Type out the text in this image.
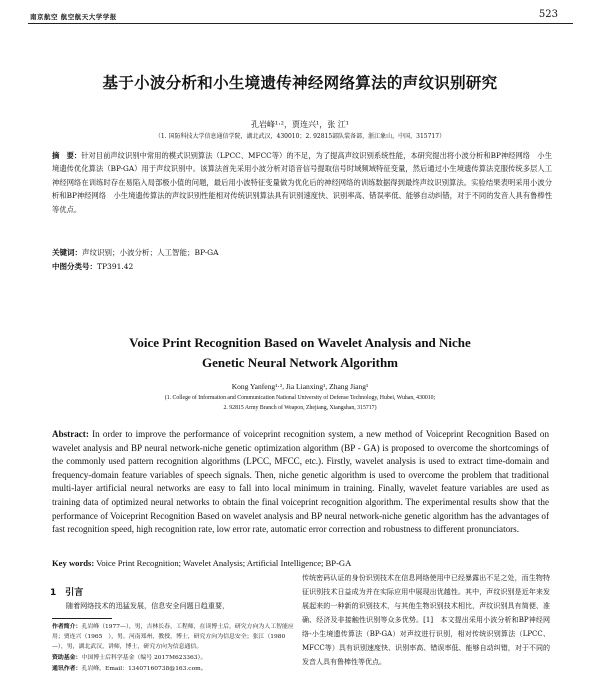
南京航空 航空航天大学学报	523
基于小波分析和小生境遗传神经网络算法的声纹识别研究
孔岩峰¹·²，贾连兴¹，张 江¹
（1. 国防科技大学信息通信学院，湖北武汉，430010；2. 92815部队装备部，浙江象山，中国，315717）
摘　要：针对目前声纹识别中常用的模式识别算法（LPCC、MFCC等）的不足，为了提高声纹识别系统性能，本研究提出将小波分析和BP神经网络　小生境遗传优化算法（BP-GA）用于声纹识别中。该算法首先采用小波分析对语音信号提取信号时域频域特征变量，然后通过小生境遗传算法克服传统多层人工神经网络在训练时存在易陷入局部极小值的问题，最后用小波特征变量做为优化后的神经网络的训练数据得到最终声纹识别算法。实验结果表明采用小波分析和BP神经网络　小生境遗传算法的声纹识别性能相对传统识别算法具有识别速度快、识别率高、错误率低、能够自动纠错，对于不同的发音人具有鲁棒性等优点。
关键词：声纹识别；小波分析；人工智能；BP-GA
中图分类号：TP391.42
Voice Print Recognition Based on Wavelet Analysis and Niche
Genetic Neural Network Algorithm
Kong Yanfeng¹·², Jia Lianxing¹, Zhang Jiang¹
(1. College of Information and Communication National University of Defense Technology, Hubei, Wuhan, 430010;
2. 92815 Army Branch of Weapon, Zhejiang, Xiangshan, 315717)
Abstract: In order to improve the performance of voiceprint recognition system, a new method of Voiceprint Recognition Based on wavelet analysis and BP neural network-niche genetic optimization algorithm (BP - GA) is proposed to overcome the shortcomings of the commonly used pattern recognition algorithms (LPCC, MFCC, etc.). Firstly, wavelet analysis is used to extract time-domain and frequency-domain feature variables of speech signals. Then, niche genetic algorithm is used to overcome the problem that traditional multi-layer artificial neural networks are easy to fall into local minimum in training. Finally, wavelet feature variables are used as training data of optimized neural networks to obtain the final voiceprint recognition algorithm. The experimental results show that the performance of Voiceprint Recognition Based on wavelet analysis and BP neural network-niche genetic algorithm has the advantages of fast recognition speed, high recognition rate, low error rate, automatic error correction and robustness to different pronunciators.
Key words: Voice Print Recognition; Wavelet Analysis; Artificial Intelligence; BP-GA
1　引言
随着网络技术的迅猛发展，信息安全问题日趋重要，
作者简介：孔岩峰（1977—），男，吉林长春，工程师，在读博士后，研究方向为人工智能应用；贾连兴（1965　），男，河南郑州，教授，博士，研究方向为信息安全；张江（1980—），男，湖北武汉，讲师，博士，研究方向为信息通信。
资助基金：中国博士后科学基金（编号 2017M623363）。
通讯作者：孔岩峰，Email：13407160738@163.com。
传统密码认证的身份识别技术在信息网络使用中已经暴露出不足之处，而生物特征识别技术日益成为并在实际应用中展现出优越性。其中，声纹识别是近年来发展起来的一种新的识别技术，与其他生物识别技术相比，声纹识别具有简便、准确、经济及非接触性识别等众多优势。[1]　本文提出采用小波分析和BP神经网络-小生境遗传算法（BP-GA）对声纹进行识别，相对传统识别算法（LPCC、MFCC等）具有识别速度快、识别率高、错误率低、能够自动纠错，对于不同的发音人具有鲁棒性等优点。
